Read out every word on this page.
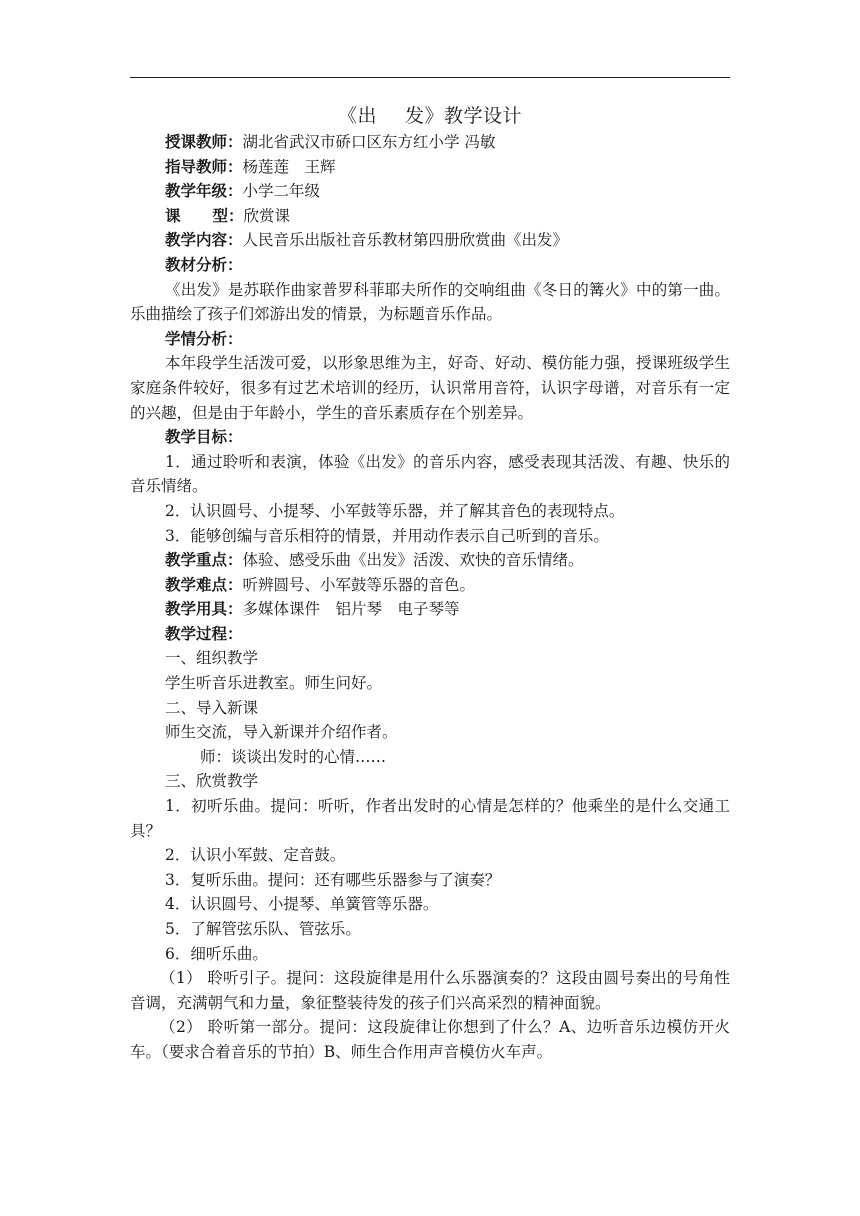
《出 发》教学设计
授课教师：湖北省武汉市硚口区东方红小学 冯敏
指导教师：杨莲莲　王辉
教学年级：小学二年级
课 型：欣赏课
教学内容：人民音乐出版社音乐教材第四册欣赏曲《出发》
教材分析：
《出发》是苏联作曲家普罗科菲耶夫所作的交响组曲《冬日的篝火》中的第一曲。乐曲描绘了孩子们郊游出发的情景，为标题音乐作品。
学情分析：
本年段学生活泼可爱，以形象思维为主，好奇、好动、模仿能力强，授课班级学生家庭条件较好，很多有过艺术培训的经历，认识常用音符，认识字母谱，对音乐有一定的兴趣，但是由于年龄小，学生的音乐素质存在个别差异。
教学目标：
1．通过聆听和表演，体验《出发》的音乐内容，感受表现其活泼、有趣、快乐的音乐情绪。
2．认识圆号、小提琴、小军鼓等乐器，并了解其音色的表现特点。
3．能够创编与音乐相符的情景，并用动作表示自己听到的音乐。
教学重点：体验、感受乐曲《出发》活泼、欢快的音乐情绪。
教学难点：听辨圆号、小军鼓等乐器的音色。
教学用具：多媒体课件　铝片琴　电子琴等
教学过程：
一、组织教学
学生听音乐进教室。师生问好。
二、导入新课
师生交流，导入新课并介绍作者。
师：谈谈出发时的心情……
三、欣赏教学
1．初听乐曲。提问：听听，作者出发时的心情是怎样的？他乘坐的是什么交通工具？
2．认识小军鼓、定音鼓。
3．复听乐曲。提问：还有哪些乐器参与了演奏？
4．认识圆号、小提琴、单簧管等乐器。
5．了解管弦乐队、管弦乐。
6．细听乐曲。
（1） 聆听引子。提问：这段旋律是用什么乐器演奏的？这段由圆号奏出的号角性音调，充满朝气和力量，象征整装待发的孩子们兴高采烈的精神面貌。
（2） 聆听第一部分。提问：这段旋律让你想到了什么？A、边听音乐边模仿开火车。（要求合着音乐的节拍）B、师生合作用声音模仿火车声。
